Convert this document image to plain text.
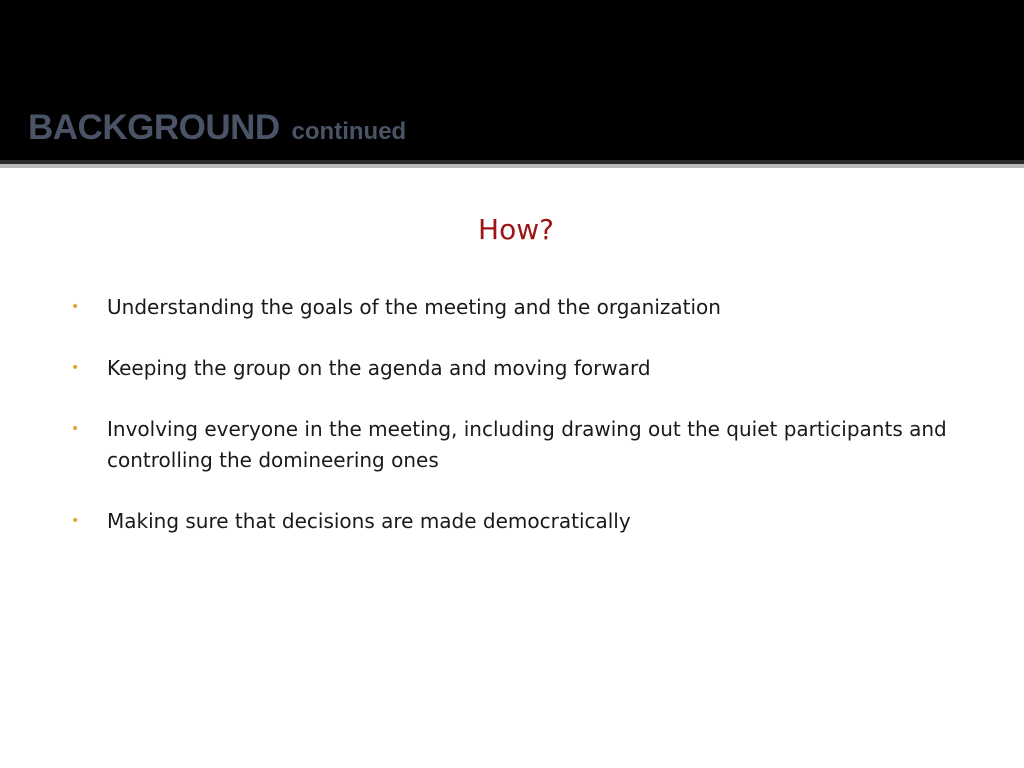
BACKGROUND continued
How?
• Understanding the goals of the meeting and the organization
• Keeping the group on the agenda and moving forward
• Involving everyone in the meeting, including drawing out the quiet participants and controlling the domineering ones
• Making sure that decisions are made democratically
